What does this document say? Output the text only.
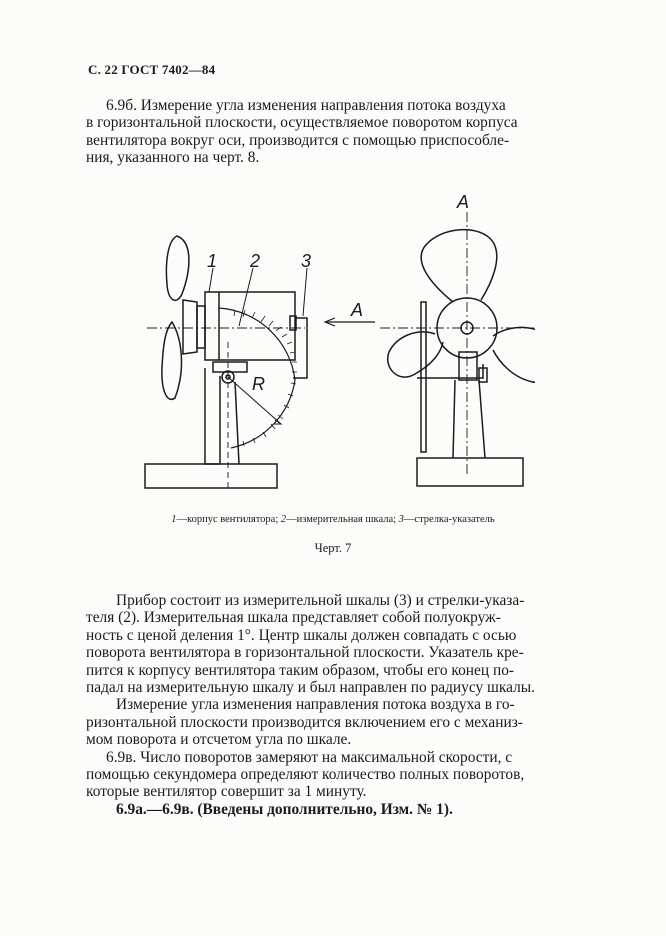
С. 22 ГОСТ 7402—84
6.9б. Измерение угла изменения направления потока воздуха
в горизонтальной плоскости, осуществляемое поворотом корпуса
вентилятора вокруг оси, производится с помощью приспособле-
ния, указанного на черт. 8.
1 2 3
R
A
A
1—корпус вентилятора; 2—измерительная шкала; 3—стрелка-указатель
Черт. 7
Прибор состоит из измерительной шкалы (3) и стрелки-указа-
теля (2). Измерительная шкала представляет собой полуокруж-
ность с ценой деления 1°. Центр шкалы должен совпадать с осью
поворота вентилятора в горизонтальной плоскости. Указатель кре-
пится к корпусу вентилятора таким образом, чтобы его конец по-
падал на измерительную шкалу и был направлен по радиусу шкалы.
Измерение угла изменения направления потока воздуха в го-
ризонтальной плоскости производится включением его с механиз-
мом поворота и отсчетом угла по шкале.
6.9в. Число поворотов замеряют на максимальной скорости, с
помощью секундомера определяют количество полных поворотов,
которые вентилятор совершит за 1 минуту.
6.9а.—6.9в. (Введены дополнительно, Изм. № 1).
